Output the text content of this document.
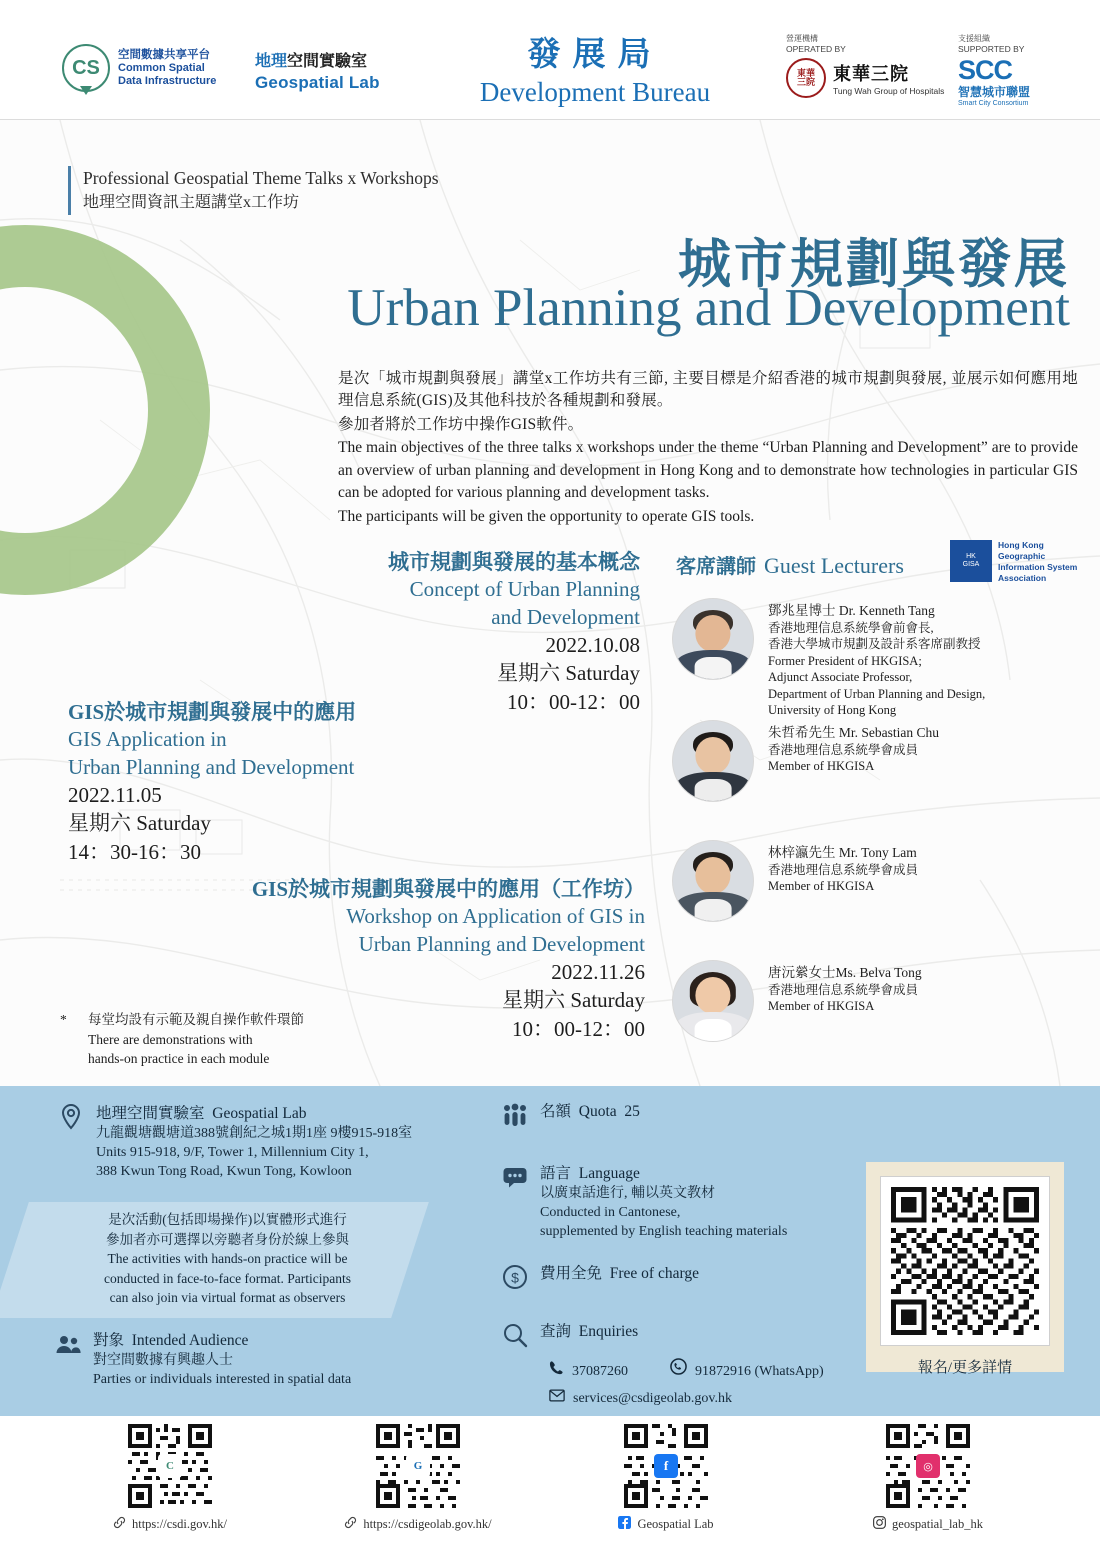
CS
空間數據共享平台
Common Spatial
Data Infrastructure
地理空間實驗室
Geospatial Lab
發展局
Development Bureau
營運機構
OPERATED BY
東華
三院	東華三院
Tung Wah Group of Hospitals
支援組織
SUPPORTED BY
SCC
智慧城市聯盟
Smart City Consortium
Professional Geospatial Theme Talks x Workshops
地理空間資訊主題講堂x工作坊
城市規劃與發展
Urban Planning and Development

是次「城市規劃與發展」講堂x工作坊共有三節, 主要目標是介紹香港的城市規劃與發展, 並展示如何應用地理信息系統(GIS)及其他科技於各種規劃和發展。

參加者將於工作坊中操作GIS軟件。

The main objectives of the three talks x workshops under the theme “Urban Planning and Development” are to provide an overview of urban planning and development in Hong Kong and to demonstrate how technologies in particular GIS can be adopted for various planning and development tasks.

The participants will be given the opportunity to operate GIS tools.

城市規劃與發展的基本概念
Concept of Urban Planning
and Development
2022.10.08
星期六 Saturday
10：00-12：00
GIS於城市規劃與發展中的應用
GIS Application in
Urban Planning and Development
2022.11.05
星期六 Saturday
14：30-16：30
GIS於城市規劃與發展中的應用（工作坊）
Workshop on Application of GIS in
Urban Planning and Development
2022.11.26
星期六 Saturday
10：00-12：00
* 每堂均設有示範及親自操作軟件環節
There are demonstrations with
hands-on practice in each module
客席講師 Guest Lecturers	HK
GISA
Hong Kong
Geographic
Information System
Association
鄧兆星博士 Dr. Kenneth Tang
香港地理信息系統學會前會長,
香港大學城市規劃及設計系客席副教授
Former President of HKGISA;
Adjunct Associate Professor,
Department of Urban Planning and Design,
University of Hong Kong
朱哲希先生 Mr. Sebastian Chu
香港地理信息系統學會成員
Member of HKGISA
林梓瀛先生 Mr. Tony Lam
香港地理信息系統學會成員
Member of HKGISA
唐沅縈女士Ms. Belva Tong
香港地理信息系統學會成員
Member of HKGISA
是次活動(包括即場操作)以實體形式進行
參加者亦可選擇以旁聽者身份於線上參與
The activities with hands-on practice will be
conducted in face-to-face format. Participants
can also join via virtual format as observers
地理空間實驗室 Geospatial Lab
九龍觀塘觀塘道388號創紀之城1期1座 9樓915-918室
Units 915-918, 9/F, Tower 1, Millennium City 1,
388 Kwun Tong Road, Kwun Tong, Kowloon
對象 Intended Audience
對空間數據有興趣人士
Parties or individuals interested in spatial data
名額 Quota 25
語言 Language
以廣東話進行, 輔以英文教材
Conducted in Cantonese,
supplemented by English teaching materials
$ 費用全免 Free of charge
查詢 Enquiries
37087260	91872916 (WhatsApp)
services@csdigeolab.gov.hk
報名/更多詳情
C
https://csdi.gov.hk/
G
https://csdigeolab.gov.hk/
f
Geospatial Lab
◎
geospatial_lab_hk
